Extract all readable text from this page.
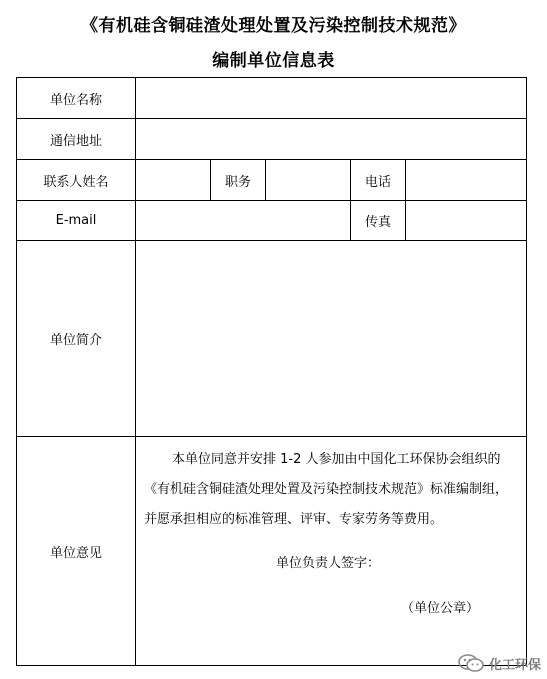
《有机硅含铜硅渣处理处置及污染控制技术规范》
编制单位信息表
单位名称					
通信地址					
联系人姓名		职务		电话	
E-mail				传真	
单位简介					
单位意见	本单位同意并安排 1-2 人参加由中国化工环保协会组织的《有机硅含铜硅渣处理处置及污染控制技术规范》标准编制组，并愿承担相应的标准管理、评审、专家劳务等费用。
单位负责人签字：
（单位公章）				
化工环保
